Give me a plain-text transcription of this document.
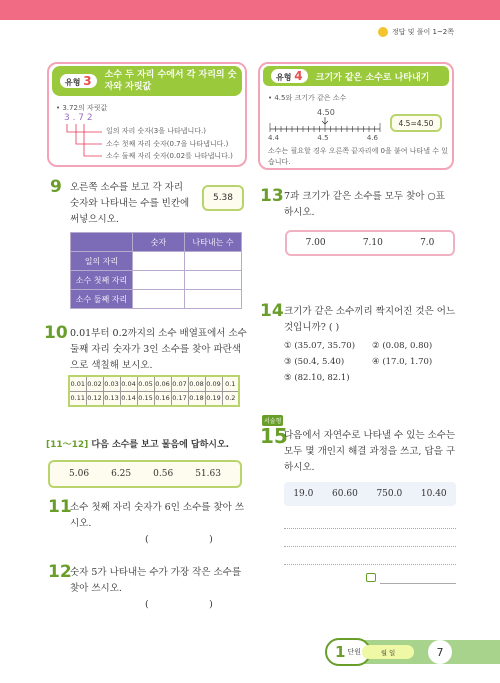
정답 및 풀이 1~2쪽
유형 3	소수 두 자리 수에서 각 자리의 숫자와 자릿값
• 3.72의 자릿값
3 . 7 2
일의 자리 숫자(3을 나타냅니다.)
소수 첫째 자리 숫자(0.7을 나타냅니다.)
소수 둘째 자리 숫자(0.02를 나타냅니다.)
9 오른쪽 소수를 보고 각 자리 숫자와 나타내는 수를 빈칸에 써넣으시오.
5.38
	숫자	나타내는 수
일의 자리		
소수 첫째 자리		
소수 둘째 자리		
10 0.01부터 0.2까지의 소수 배열표에서 소수 둘째 자리 숫자가 3인 소수를 찾아 파란색으로 색칠해 보시오.
0.01	0.02	0.03	0.04	0.05	0.06	0.07	0.08	0.09	0.1
0.11	0.12	0.13	0.14	0.15	0.16	0.17	0.18	0.19	0.2
[11～12] 다음 소수를 보고 물음에 답하시오.
5.06 6.25 0.56 51.63
11
소수 첫째 자리 숫자가 6인 소수를 찾아 쓰시오.
(                    )
12
숫자 5가 나타내는 수가 가장 작은 소수를 찾아 쓰시오.
(                    )
유형 4	크기가 같은 소수로 나타내기
• 4.5와 크기가 같은 소수
4.50
4.4	4.5	4.6
4.5=4.50
소수는 필요할 경우 오른쪽 끝자리에 0을 붙여 나타낼 수 있습니다.
13 7과 크기가 같은 소수를 모두 찾아 ○표 하시오.
7.00	7.10	7.0
14 크기가 같은 소수끼리 짝지어진 것은 어느 것입니까? ( )
① (35.07, 35.70) ② (0.08, 0.80)
③ (50.4, 5.40)	④ (17.0, 1.70)
⑤ (82.10, 82.1)
서술형
15
다음에서 자연수로 나타낼 수 있는 소수는 모두 몇 개인지 해결 과정을 쓰고, 답을 구하시오.
19.0 60.60 750.0 10.40
1 단원	월 일	7
